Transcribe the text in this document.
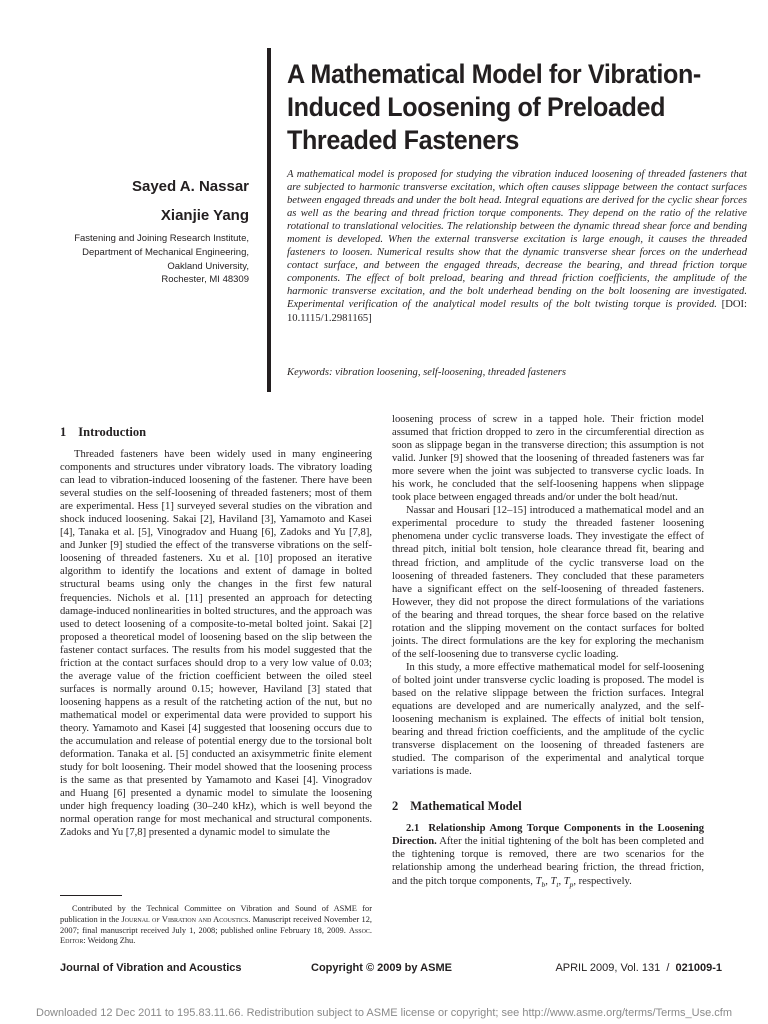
A Mathematical Model for Vibration-Induced Loosening of Preloaded Threaded Fasteners
Sayed A. Nassar
Xianjie Yang
Fastening and Joining Research Institute,
Department of Mechanical Engineering,
Oakland University,
Rochester, MI 48309

A mathematical model is proposed for studying the vibration induced loosening of threaded fasteners that are subjected to harmonic transverse excitation, which often causes slippage between the contact surfaces between engaged threads and under the bolt head. Integral equations are derived for the cyclic shear forces as well as the bearing and thread friction torque components. They depend on the ratio of the relative rotational to translational velocities. The relationship between the dynamic thread shear force and bending moment is developed. When the external transverse excitation is large enough, it causes the threaded fasteners to loosen. Numerical results show that the dynamic transverse shear forces on the underhead contact surface, and between the engaged threads, decrease the bearing, and thread friction torque components. The effect of bolt preload, bearing and thread friction coefficients, the amplitude of the harmonic transverse excitation, and the bolt underhead bending on the bolt loosening are investigated. Experimental verification of the analytical model results of the bolt twisting torque is provided. [DOI: 10.1115/1.2981165]

Keywords: vibration loosening, self-loosening, threaded fasteners
1 Introduction

Threaded fasteners have been widely used in many engineering components and structures under vibratory loads. The vibratory loading can lead to vibration-induced loosening of the fastener. There have been several studies on the self-loosening of threaded fasteners; most of them are experimental. Hess [1] surveyed several studies on the vibration and shock induced loosening. Sakai [2], Haviland [3], Yamamoto and Kasei [4], Tanaka et al. [5], Vinogradov and Huang [6], Zadoks and Yu [7,8], and Junker [9] studied the effect of the transverse vibrations on the self-loosening of threaded fasteners. Xu et al. [10] proposed an iterative algorithm to identify the locations and extent of damage in bolted structural beams using only the changes in the first few natural frequencies. Nichols et al. [11] presented an approach for detecting damage-induced nonlinearities in bolted structures, and the approach was used to detect loosening of a composite-to-metal bolted joint. Sakai [2] proposed a theoretical model of loosening based on the slip between the fastener contact surfaces. The results from his model suggested that the friction at the contact surfaces should drop to a very low value of 0.03; the average value of the friction coefficient between the oiled steel surfaces is normally around 0.15; however, Haviland [3] stated that loosening happens as a result of the ratcheting action of the nut, but no mathematical model or experimental data were provided to support his theory. Yamamoto and Kasei [4] suggested that loosening occurs due to the accumulation and release of potential energy due to the torsional bolt deformation. Tanaka et al. [5] conducted an axisymmetric finite element study for bolt loosening. Their model showed that the loosening process is the same as that presented by Yamamoto and Kasei [4]. Vinogradov and Huang [6] presented a dynamic model to simulate the loosening under high frequency loading (30–240 kHz), which is well beyond the normal operation range for most mechanical and structural components. Zadoks and Yu [7,8] presented a dynamic model to simulate the

loosening process of screw in a tapped hole. Their friction model assumed that friction dropped to zero in the circumferential direction as soon as slippage began in the transverse direction; this assumption is not valid. Junker [9] showed that the loosening of threaded fasteners was far more severe when the joint was subjected to transverse cyclic loads. In his work, he concluded that the self-loosening happens when slippage took place between engaged threads and/or under the bolt head/nut.

Nassar and Housari [12–15] introduced a mathematical model and an experimental procedure to study the threaded fastener loosening phenomena under cyclic transverse loads. They investigate the effect of thread pitch, initial bolt tension, hole clearance thread fit, bearing and thread friction, and amplitude of the cyclic transverse load on the loosening of threaded fasteners. They concluded that these parameters have a significant effect on the self-loosening of threaded fasteners. However, they did not propose the direct formulations of the variations of the bearing and thread torques, the shear force based on the relative rotation and the slipping movement on the contact surfaces for bolted joints. The direct formulations are the key for exploring the mechanism of the self-loosening due to transverse cyclic loading.

In this study, a more effective mathematical model for self-loosening of bolted joint under transverse cyclic loading is proposed. The model is based on the relative slippage between the friction surfaces. Integral equations are developed and are numerically analyzed, and the self-loosening mechanism is explained. The effects of initial bolt tension, bearing and thread friction coefficients, and the amplitude of the cyclic transverse displacement on the loosening of threaded fasteners are studied. The comparison of the experimental and analytical torque variations is made.

2 Mathematical Model

2.1 Relationship Among Torque Components in the Loosening Direction. After the initial tightening of the bolt has been completed and the tightening torque is removed, there are two scenarios for the relationship among the underhead bearing friction, the thread friction, and the pitch torque components, $T_b$, $T_t$, $T_p$, respectively.

Contributed by the Technical Committee on Vibration and Sound of ASME for publication in the Journal of Vibration and Acoustics. Manuscript received November 12, 2007; final manuscript received July 1, 2008; published online February 18, 2009. Assoc. Editor: Weidong Zhu.

Journal of Vibration and Acoustics	Copyright © 2009 by ASME	APRIL 2009, Vol. 131  /  021009-1
Downloaded 12 Dec 2011 to 195.83.11.66. Redistribution subject to ASME license or copyright; see http://www.asme.org/terms/Terms_Use.cfm
